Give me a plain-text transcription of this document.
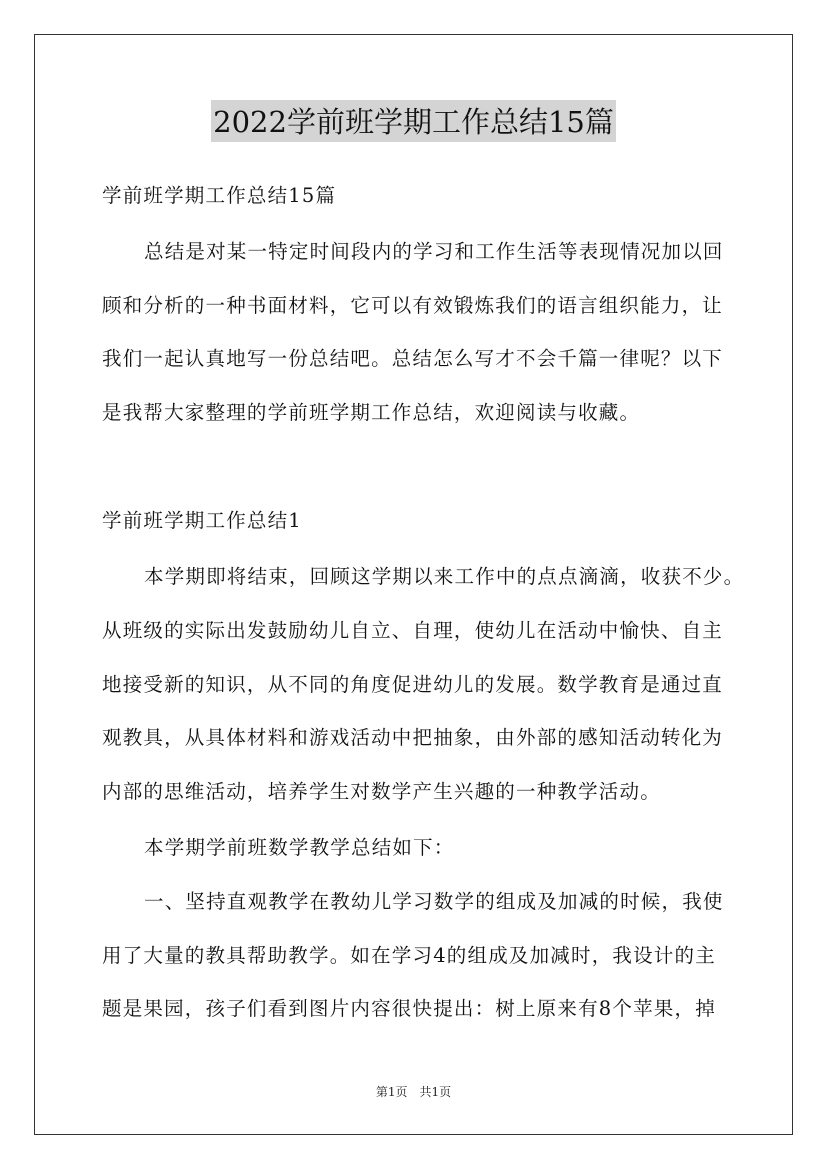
2022学前班学期工作总结15篇
学前班学期工作总结15篇
总结是对某一特定时间段内的学习和工作生活等表现情况加以回
顾和分析的一种书面材料，它可以有效锻炼我们的语言组织能力，让
我们一起认真地写一份总结吧。总结怎么写才不会千篇一律呢？以下
是我帮大家整理的学前班学期工作总结，欢迎阅读与收藏。
学前班学期工作总结1
本学期即将结束，回顾这学期以来工作中的点点滴滴，收获不少。
从班级的实际出发鼓励幼儿自立、自理，使幼儿在活动中愉快、自主
地接受新的知识，从不同的角度促进幼儿的发展。数学教育是通过直
观教具，从具体材料和游戏活动中把抽象，由外部的感知活动转化为
内部的思维活动，培养学生对数学产生兴趣的一种教学活动。
本学期学前班数学教学总结如下：
一、坚持直观教学在教幼儿学习数学的组成及加减的时候，我使
用了大量的教具帮助教学。如在学习4的组成及加减时，我设计的主
题是果园，孩子们看到图片内容很快提出：树上原来有8个苹果，掉
第1页　共1页
